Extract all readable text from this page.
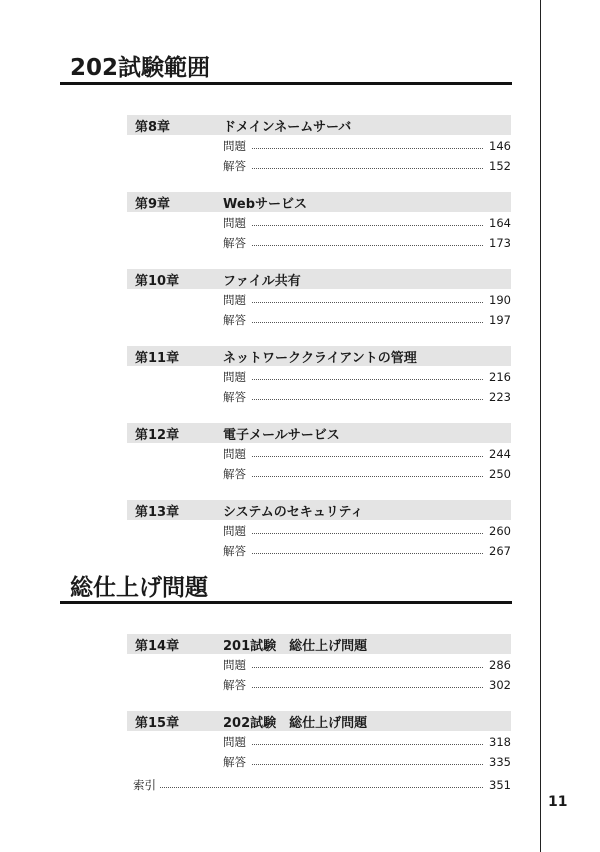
202試験範囲
第8章	ドメインネームサーバ
問題	146
解答	152
第9章	Webサービス
問題	164
解答	173
第10章	ファイル共有
問題	190
解答	197
第11章	ネットワーククライアントの管理
問題	216
解答	223
第12章	電子メールサービス
問題	244
解答	250
第13章	システムのセキュリティ
問題	260
解答	267
総仕上げ問題
第14章	201試験　総仕上げ問題
問題	286
解答	302
第15章	202試験　総仕上げ問題
問題	318
解答	335
索引	351
11
